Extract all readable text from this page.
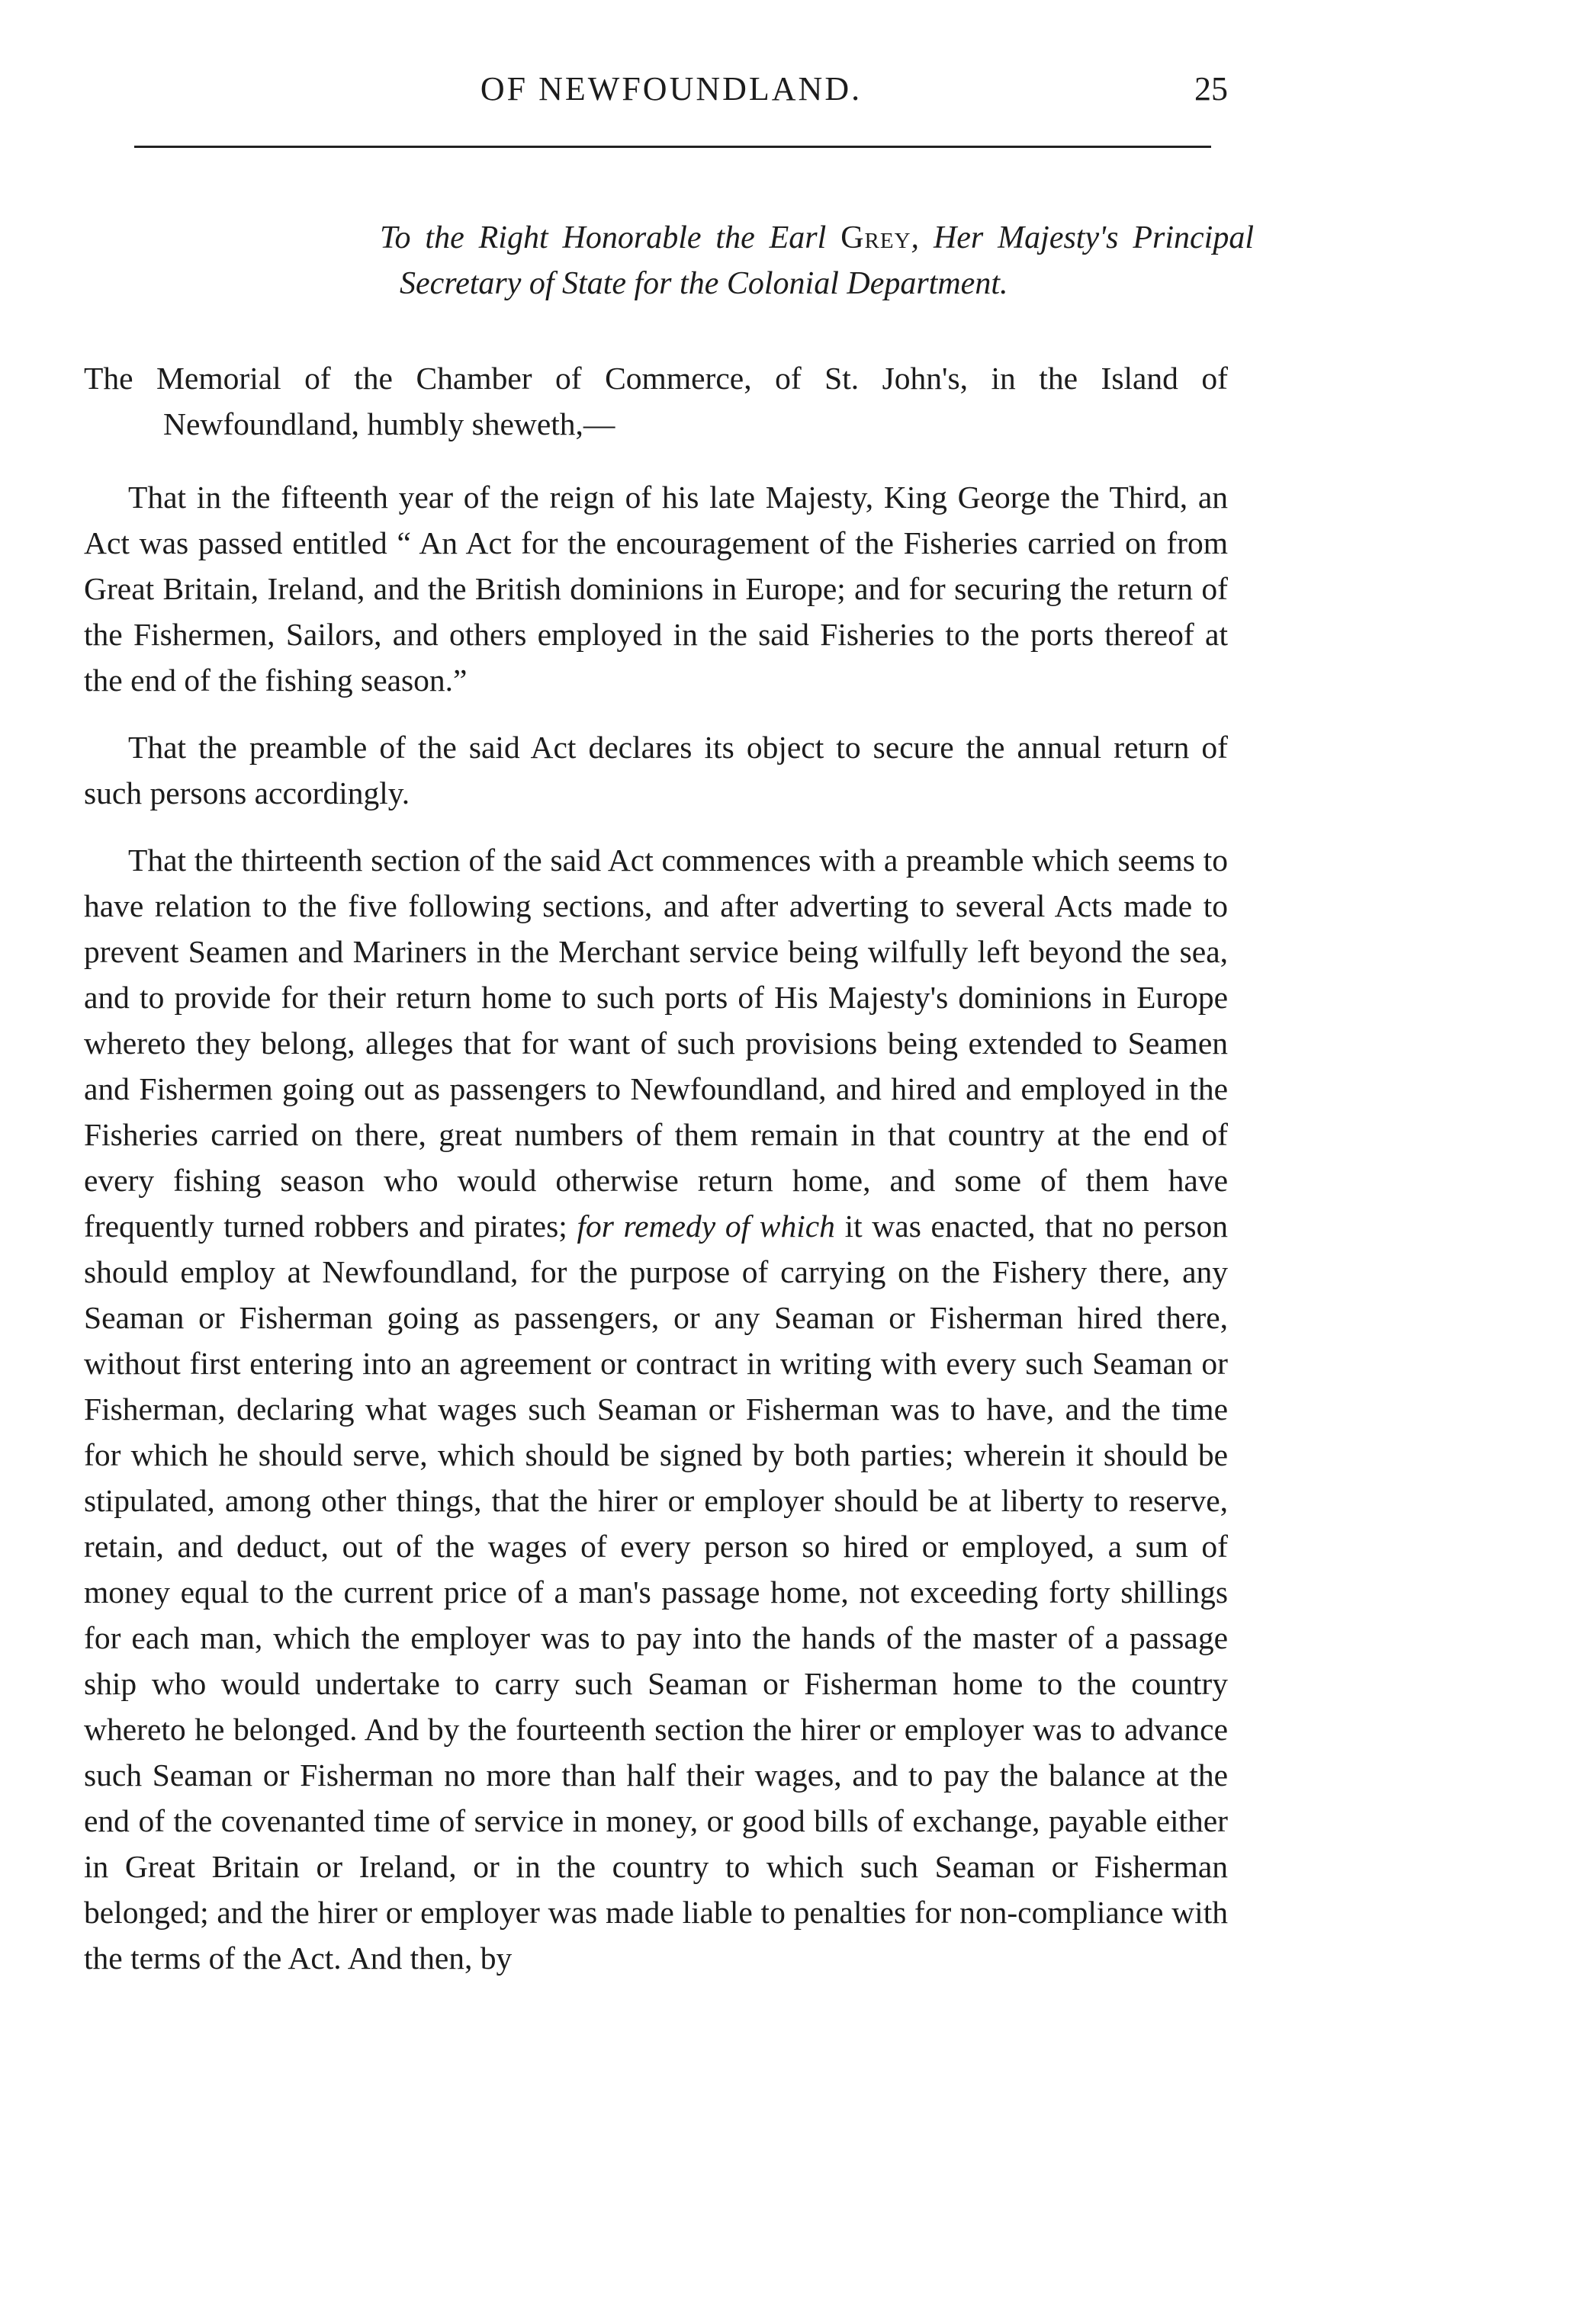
OF NEWFOUNDLAND.	25

To the Right Honorable the Earl Grey, Her Majesty's Principal Secretary of State for the Colonial Department.

The Memorial of the Chamber of Commerce, of St. John's, in the Island of Newfoundland, humbly sheweth,—

That in the fifteenth year of the reign of his late Majesty, King George the Third, an Act was passed entitled “ An Act for the encouragement of the Fisheries carried on from Great Britain, Ireland, and the British dominions in Europe; and for securing the return of the Fishermen, Sailors, and others employed in the said Fisheries to the ports thereof at the end of the fishing season.”

That the preamble of the said Act declares its object to secure the annual return of such persons accordingly.

That the thirteenth section of the said Act commences with a preamble which seems to have relation to the five following sections, and after adverting to several Acts made to prevent Seamen and Mariners in the Merchant service being wilfully left beyond the sea, and to provide for their return home to such ports of His Majesty's dominions in Europe whereto they belong, alleges that for want of such provisions being extended to Seamen and Fishermen going out as passengers to Newfoundland, and hired and employed in the Fisheries carried on there, great numbers of them remain in that country at the end of every fishing season who would otherwise return home, and some of them have frequently turned robbers and pirates; for remedy of which it was enacted, that no person should employ at Newfoundland, for the purpose of carrying on the Fishery there, any Seaman or Fisherman going as passengers, or any Seaman or Fisherman hired there, without first entering into an agreement or contract in writing with every such Seaman or Fisherman, declaring what wages such Seaman or Fisherman was to have, and the time for which he should serve, which should be signed by both parties; wherein it should be stipulated, among other things, that the hirer or employer should be at liberty to reserve, retain, and deduct, out of the wages of every person so hired or employed, a sum of money equal to the current price of a man's passage home, not exceeding forty shillings for each man, which the employer was to pay into the hands of the master of a passage ship who would undertake to carry such Seaman or Fisherman home to the country whereto he belonged. And by the fourteenth section the hirer or employer was to advance such Seaman or Fisherman no more than half their wages, and to pay the balance at the end of the covenanted time of service in money, or good bills of exchange, payable either in Great Britain or Ireland, or in the country to which such Seaman or Fisherman belonged; and the hirer or employer was made liable to penalties for non-compliance with the terms of the Act. And then, by
